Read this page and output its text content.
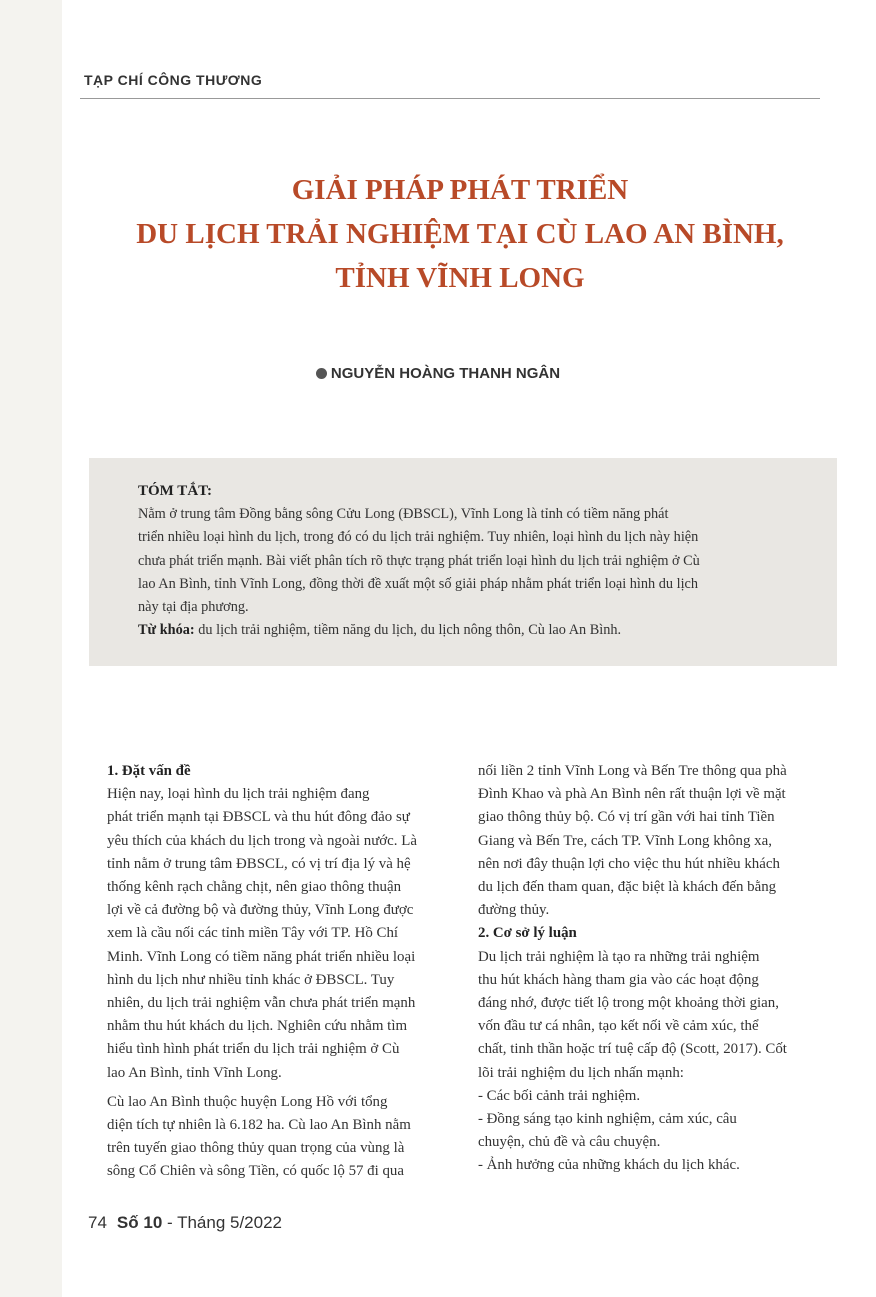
TẠP CHÍ CÔNG THƯƠNG
GIẢI PHÁP PHÁT TRIỂN
DU LỊCH TRẢI NGHIỆM TẠI CÙ LAO AN BÌNH,
TỈNH VĨNH LONG
NGUYỄN HOÀNG THANH NGÂN
TÓM TẮT:
Nằm ở trung tâm Đồng bằng sông Cửu Long (ĐBSCL), Vĩnh Long là tỉnh có tiềm năng phát
triển nhiều loại hình du lịch, trong đó có du lịch trải nghiệm. Tuy nhiên, loại hình du lịch này hiện
chưa phát triển mạnh. Bài viết phân tích rõ thực trạng phát triển loại hình du lịch trải nghiệm ở Cù
lao An Bình, tỉnh Vĩnh Long, đồng thời đề xuất một số giải pháp nhằm phát triển loại hình du lịch
này tại địa phương.
Từ khóa: du lịch trải nghiệm, tiềm năng du lịch, du lịch nông thôn, Cù lao An Bình.
1. Đặt vấn đề
Hiện nay, loại hình du lịch trải nghiệm đang
phát triển mạnh tại ĐBSCL và thu hút đông đảo sự
yêu thích của khách du lịch trong và ngoài nước. Là
tỉnh nằm ở trung tâm ĐBSCL, có vị trí địa lý và hệ
thống kênh rạch chằng chịt, nên giao thông thuận
lợi về cả đường bộ và đường thủy, Vĩnh Long được
xem là cầu nối các tỉnh miền Tây với TP. Hồ Chí
Minh. Vĩnh Long có tiềm năng phát triển nhiều loại
hình du lịch như nhiều tỉnh khác ở ĐBSCL. Tuy
nhiên, du lịch trải nghiệm vẫn chưa phát triển mạnh
nhằm thu hút khách du lịch. Nghiên cứu nhằm tìm
hiểu tình hình phát triển du lịch trải nghiệm ở Cù
lao An Bình, tỉnh Vĩnh Long.
Cù lao An Bình thuộc huyện Long Hồ với tổng
diện tích tự nhiên là 6.182 ha. Cù lao An Bình nằm
trên tuyến giao thông thủy quan trọng của vùng là
sông Cổ Chiên và sông Tiền, có quốc lộ 57 đi qua
nối liền 2 tỉnh Vĩnh Long và Bến Tre thông qua phà
Đình Khao và phà An Bình nên rất thuận lợi về mặt
giao thông thủy bộ. Có vị trí gần với hai tỉnh Tiền
Giang và Bến Tre, cách TP. Vĩnh Long không xa,
nên nơi đây thuận lợi cho việc thu hút nhiều khách
du lịch đến tham quan, đặc biệt là khách đến bằng
đường thủy.
2. Cơ sở lý luận
Du lịch trải nghiệm là tạo ra những trải nghiệm
thu hút khách hàng tham gia vào các hoạt động
đáng nhớ, được tiết lộ trong một khoảng thời gian,
vốn đầu tư cá nhân, tạo kết nối về cảm xúc, thể
chất, tinh thần hoặc trí tuệ cấp độ (Scott, 2017). Cốt
lõi trải nghiệm du lịch nhấn mạnh:
- Các bối cảnh trải nghiệm.
- Đồng sáng tạo kinh nghiệm, cảm xúc, câu
chuyện, chủ đề và câu chuyện.
- Ảnh hưởng của những khách du lịch khác.
74 Số 10 - Tháng 5/2022
